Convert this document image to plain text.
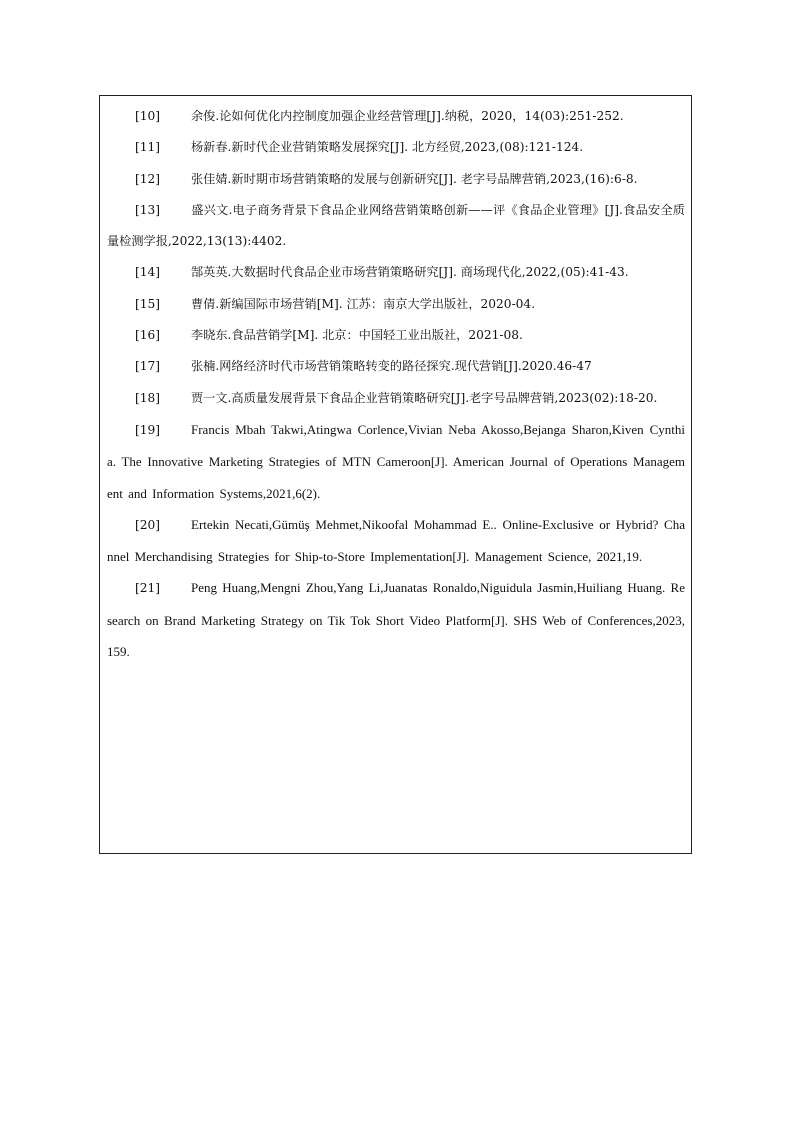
[10]	余俊.论如何优化内控制度加强企业经营管理[J].纳税，2020，14(03):251-252.
[11]	杨新春.新时代企业营销策略发展探究[J]. 北方经贸,2023,(08):121-124.
[12]	张佳婧.新时期市场营销策略的发展与创新研究[J]. 老字号品牌营销,2023,(16):6-8.
[13]	盛兴文.电子商务背景下食品企业网络营销策略创新——评《食品企业管理》[J].食品安全质量检测学报,2022,13(13):4402.
[14]	郜英英.大数据时代食品企业市场营销策略研究[J]. 商场现代化,2022,(05):41-43.
[15]	曹倩.新编国际市场营销[M]. 江苏：南京大学出版社，2020-04.
[16]	李晓东.食品营销学[M]. 北京：中国轻工业出版社，2021-08.
[17]	张楠.网络经济时代市场营销策略转变的路径探究.现代营销[J].2020.46-47
[18]	贾一文.高质量发展背景下食品企业营销策略研究[J].老字号品牌营销,2023(02):18-20.
[19] Francis Mbah Takwi,Atingwa Corlence,Vivian Neba Akosso,Bejanga Sharon,Kiven Cynthia. The Innovative Marketing Strategies of MTN Cameroon[J]. American Journal of Operations Management and Information Systems,2021,6(2).
[20] Ertekin Necati,Gümüş Mehmet,Nikoofal Mohammad E.. Online-Exclusive or Hybrid? Channel Merchandising Strategies for Ship-to-Store Implementation[J]. Management Science, 2021,19.
[21] Peng Huang,Mengni Zhou,Yang Li,Juanatas Ronaldo,Niguidula Jasmin,Huiliang Huang. Research on Brand Marketing Strategy on Tik Tok Short Video Platform[J]. SHS Web of Conferences,2023,159.
